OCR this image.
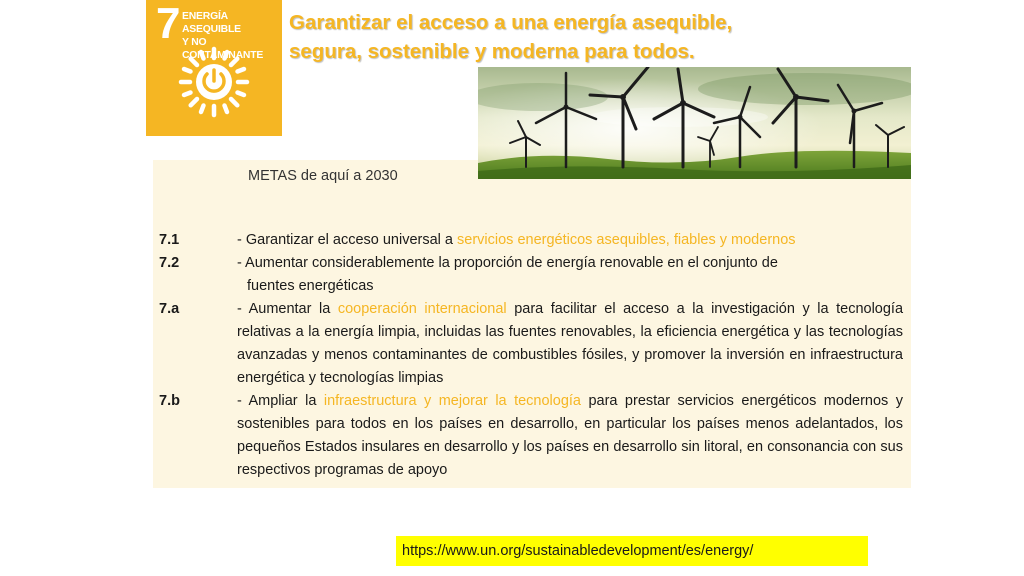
7 ENERGÍA ASEQUIBLE
Y NO CONTAMINANTE
Garantizar el acceso a una energía asequible,
segura, sostenible y moderna para todos.
METAS de aquí a 2030
7.1	- Garantizar el acceso universal a servicios energéticos asequibles, fiables y modernos
7.2	- Aumentar considerablemente la proporción de energía renovable en el conjunto de
fuentes energéticas
7.a	- Aumentar la cooperación internacional para facilitar el acceso a la investigación y la tecnología relativas a la energía limpia, incluidas las fuentes renovables, la eficiencia energética y las tecnologías avanzadas y menos contaminantes de combustibles fósiles, y promover la inversión en infraestructura energética y tecnologías limpias
7.b	- Ampliar la infraestructura y mejorar la tecnología para prestar servicios energéticos modernos y sostenibles para todos en los países en desarrollo, en particular los países menos adelantados, los pequeños Estados insulares en desarrollo y los países en desarrollo sin litoral, en consonancia con sus respectivos programas de apoyo
https://www.un.org/sustainabledevelopment/es/energy/
